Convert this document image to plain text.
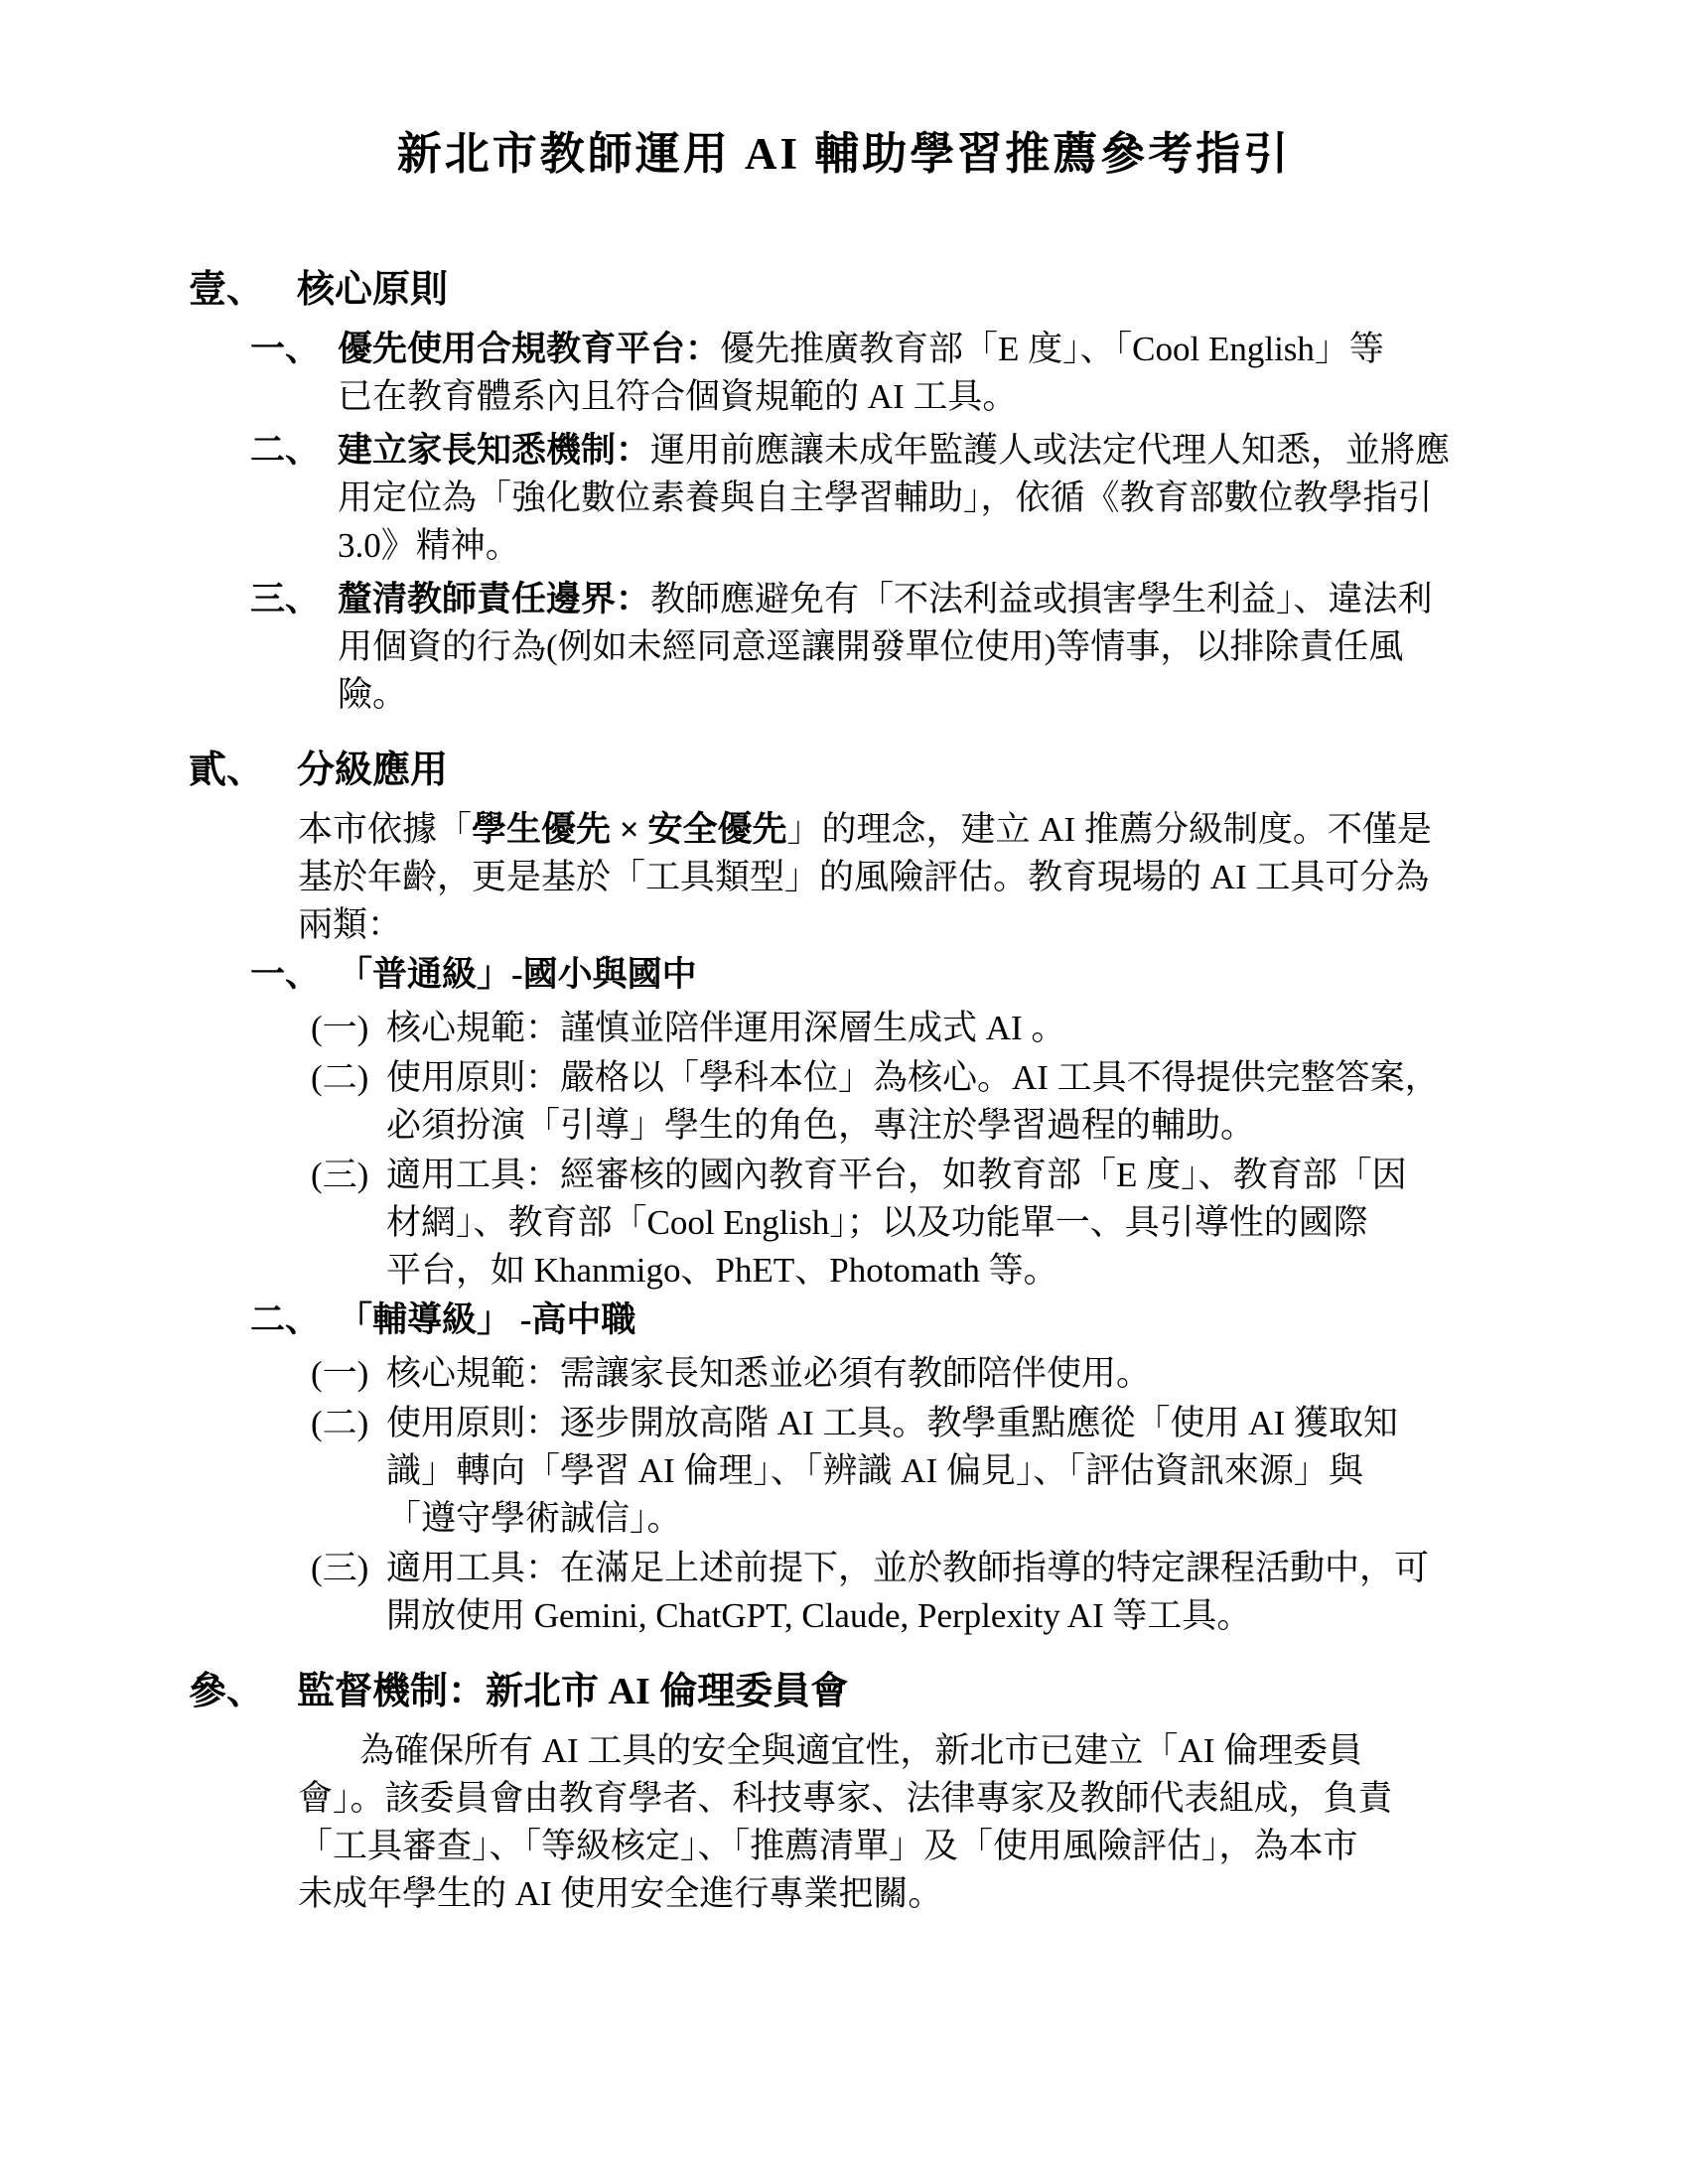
新北市教師運用 AI 輔助學習推薦參考指引
壹、 核心原則
一、 優先使用合規教育平台：優先推廣教育部「E 度」、「Cool English」等
已在教育體系內且符合個資規範的 AI 工具。
二、 建立家長知悉機制：運用前應讓未成年監護人或法定代理人知悉，並將應
用定位為「強化數位素養與自主學習輔助」，依循《教育部數位教學指引
3.0》精神。
三、 釐清教師責任邊界：教師應避免有「不法利益或損害學生利益」、違法利
用個資的行為(例如未經同意逕讓開發單位使用)等情事，以排除責任風
險。
貳、 分級應用
本市依據「學生優先 × 安全優先」的理念，建立 AI 推薦分級制度。不僅是
基於年齡，更是基於「工具類型」的風險評估。教育現場的 AI 工具可分為
兩類：
一、 「普通級」-國小與國中
(一) 核心規範：謹慎並陪伴運用深層生成式 AI 。
(二) 使用原則：嚴格以「學科本位」為核心。AI 工具不得提供完整答案，
必須扮演「引導」學生的角色，專注於學習過程的輔助。
(三) 適用工具：經審核的國內教育平台，如教育部「E 度」、教育部「因
材網」、教育部「Cool English」；以及功能單一、具引導性的國際
平台，如 Khanmigo、PhET、Photomath 等。
二、 「輔導級」 -高中職
(一) 核心規範：需讓家長知悉並必須有教師陪伴使用。
(二) 使用原則：逐步開放高階 AI 工具。教學重點應從「使用 AI 獲取知
識」轉向「學習 AI 倫理」、「辨識 AI 偏見」、「評估資訊來源」與
「遵守學術誠信」。
(三) 適用工具：在滿足上述前提下，並於教師指導的特定課程活動中，可
開放使用 Gemini, ChatGPT, Claude, Perplexity AI 等工具。
參、 監督機制：新北市 AI 倫理委員會
為確保所有 AI 工具的安全與適宜性，新北市已建立「AI 倫理委員
會」。該委員會由教育學者、科技專家、法律專家及教師代表組成，負責
「工具審查」、「等級核定」、「推薦清單」及「使用風險評估」，為本市
未成年學生的 AI 使用安全進行專業把關。
